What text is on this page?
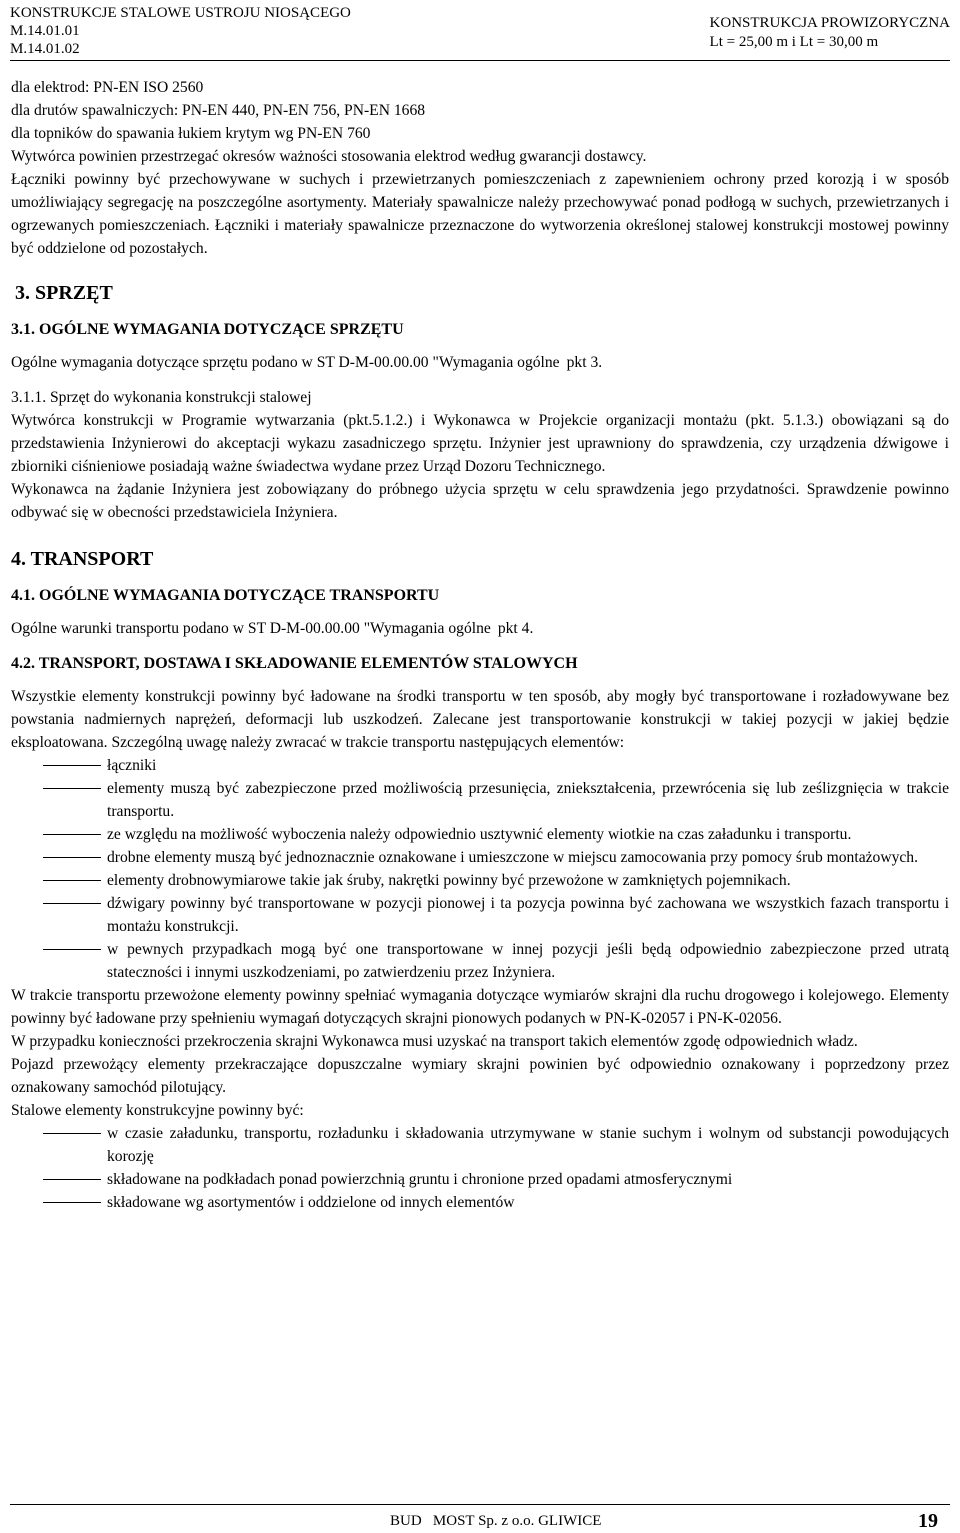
KONSTRUKCJE STALOWE USTROJU NIOSĄCEGO
M.14.01.01
M.14.01.02
KONSTRUKCJA PROWIZORYCZNA
Lt = 25,00 m i Lt = 30,00 m

dla elektrod: PN-EN ISO 2560

dla drutów spawalniczych: PN-EN 440, PN-EN 756, PN-EN 1668

dla topników do spawania łukiem krytym wg PN-EN 760

Wytwórca powinien przestrzegać okresów ważności stosowania elektrod według gwarancji dostawcy.

Łączniki powinny być przechowywane w suchych i przewietrzanych pomieszczeniach z zapewnieniem ochrony przed korozją i w sposób umożliwiający segregację na poszczególne asortymenty. Materiały spawalnicze należy przechowywać ponad podłogą w suchych, przewietrzanych i ogrzewanych pomieszczeniach. Łączniki i materiały spawalnicze przeznaczone do wytworzenia określonej stalowej konstrukcji mostowej powinny być oddzielone od pozostałych.

3. SPRZĘT
3.1. OGÓLNE WYMAGANIA DOTYCZĄCE SPRZĘTU

Ogólne wymagania dotyczące sprzętu podano w ST D-M-00.00.00 "Wymagania ogólne  pkt 3.

3.1.1. Sprzęt do wykonania konstrukcji stalowej

Wytwórca konstrukcji w Programie wytwarzania (pkt.5.1.2.) i Wykonawca w Projekcie organizacji montażu (pkt. 5.1.3.) obowiązani są do przedstawienia Inżynierowi do akceptacji wykazu zasadniczego sprzętu. Inżynier jest uprawniony do sprawdzenia, czy urządzenia dźwigowe i zbiorniki ciśnieniowe posiadają ważne świadectwa wydane przez Urząd Dozoru Technicznego.

Wykonawca na żądanie Inżyniera jest zobowiązany do próbnego użycia sprzętu w celu sprawdzenia jego przydatności. Sprawdzenie powinno odbywać się w obecności przedstawiciela Inżyniera.

4. TRANSPORT
4.1. OGÓLNE WYMAGANIA DOTYCZĄCE TRANSPORTU

Ogólne warunki transportu podano w ST D-M-00.00.00 "Wymagania ogólne  pkt 4.

4.2. TRANSPORT, DOSTAWA I SKŁADOWANIE ELEMENTÓW STALOWYCH

Wszystkie elementy konstrukcji powinny być ładowane na środki transportu w ten sposób, aby mogły być transportowane i rozładowywane bez powstania nadmiernych naprężeń, deformacji lub uszkodzeń. Zalecane jest transportowanie konstrukcji w takiej pozycji w jakiej będzie eksploatowana. Szczególną uwagę należy zwracać w trakcie transportu następujących elementów:

łączniki
elementy muszą być zabezpieczone przed możliwością przesunięcia, zniekształcenia, przewrócenia się lub ześlizgnięcia w trakcie transportu.
ze względu na możliwość wyboczenia należy odpowiednio usztywnić elementy wiotkie na czas załadunku i transportu.
drobne elementy muszą być jednoznacznie oznakowane i umieszczone w miejscu zamocowania przy pomocy śrub montażowych.
elementy drobnowymiarowe takie jak śruby, nakrętki powinny być przewożone w zamkniętych pojemnikach.
dźwigary powinny być transportowane w pozycji pionowej i ta pozycja powinna być zachowana we wszystkich fazach transportu i montażu konstrukcji.
w pewnych przypadkach mogą być one transportowane w innej pozycji jeśli będą odpowiednio zabezpieczone przed utratą stateczności i innymi uszkodzeniami, po zatwierdzeniu przez Inżyniera.

W trakcie transportu przewożone elementy powinny spełniać wymagania dotyczące wymiarów skrajni dla ruchu drogowego i kolejowego. Elementy powinny być ładowane przy spełnieniu wymagań dotyczących skrajni pionowych podanych w PN-K-02057 i PN-K-02056.

W przypadku konieczności przekroczenia skrajni Wykonawca musi uzyskać na transport takich elementów zgodę odpowiednich władz.

Pojazd przewożący elementy przekraczające dopuszczalne wymiary skrajni powinien być odpowiednio oznakowany i poprzedzony przez oznakowany samochód pilotujący.

Stalowe elementy konstrukcyjne powinny być:

w czasie załadunku, transportu, rozładunku i składowania utrzymywane w stanie suchym i wolnym od substancji powodujących korozję
składowane na podkładach ponad powierzchnią gruntu i chronione przed opadami atmosferycznymi
składowane wg asortymentów i oddzielone od innych elementów
BUD  MOST Sp. z o.o. GLIWICE	19
